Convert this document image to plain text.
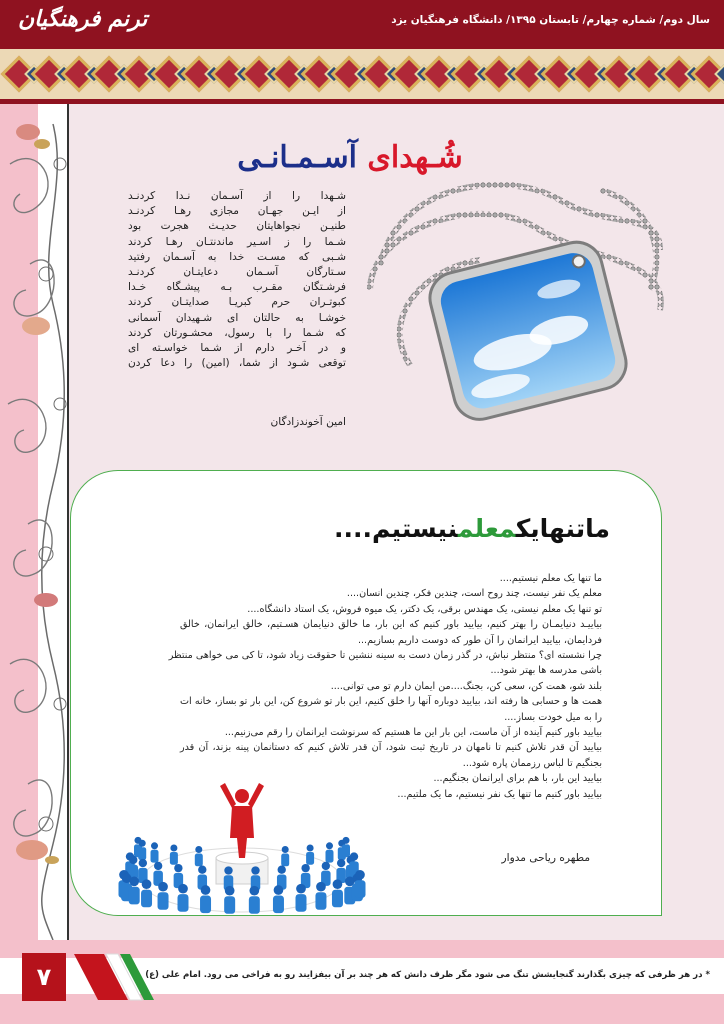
ترنم فرهنگیان	سال دوم/ شماره چهارم/ تابستان ۱۳۹۵/ دانشگاه فرهنگیان یزد
شُـهدای آسـمـانـی
شـهدا را از آسـمان نـدا کردنـد
از ایـن جهـان مجازی رهـا کردنـد
طنیـن نجواهایتان حدیـث هجرت بود
شـما را ز اسـیر ماندنتـان رهـا کردند
شـبی که مسـت خدا به آسـمان رفتید
سـتارگان آسـمان دعایتـان کردنـد
فرشـتگان مقـرب بـه پیشـگاه خـدا
کبوتـران حرم کبریـا صدایتـان کردند
خوشـا به حالتان ای شـهیدان آسمانی
که شـما را با رسول، محشـورتان کردند
و در آخـر دارم از شـما خواسـته ای
توقعی شـود از شما، (امین) را دعا کردن
امین آخوندزادگان
ماتنهایکمعلمنیستیم....
ما تنها یک معلم نیستیم....
معلم یک نفر نیست، چند روح است، چندین فکر، چندین انسان....
تو تنها یک معلم نیستی، یک مهندس برقی، یک دکتر، یک میوه فروش، یک استاد دانشگاه....
بیاییـد دنیایمـان را بهتر کنیم، بیایید باور کنیم که این بار، ما خالق دنیایمان هسـتیم، خالق ایرانمان، خالق
فردایمان، بیایید ایرانمان را آن طور که دوست داریم بسازیم...
چرا نشسته ای؟ منتظر نباش، در گذر زمان دست به سینه ننشین تا حقوقت زیاد شود، تا کی می خواهی منتظر
باشی مدرسه ها بهتر شود...
بلند شو، همت کن، سعی کن، بجنگ....من ایمان دارم تو می توانی....
همت ها و حسابی ها رفته اند، بیایید دوباره آنها را خلق کنیم، این بار تو شروع کن، این بار تو بساز، خانه ات
را به میل خودت بساز....
بیایید باور کنیم آینده از آن ماست، این بار این ما هستیم که سرنوشت ایرانمان را رقم می‌زنیم...
بیایید آن قدر تلاش کنیم تا نامهان در تاریخ ثبت شود، آن قدر تلاش کنیم که دستانمان پینه بزند، آن قدر
بجنگیم تا لباس رزممان پاره شود...
بیایید این بار، با هم برای ایرانمان بجنگیم...
بیایید باور کنیم ما تنها یک نفر نیستیم، ما یک ملتیم...
مطهره ریاحی مدوار
۷	* در هر ظرفی که چیزی بگذارند گنجایشش تنگ می شود مگر ظرف دانش که هر چند بر آن بیفزایند رو به فراخی می رود. امام علی (ع)
